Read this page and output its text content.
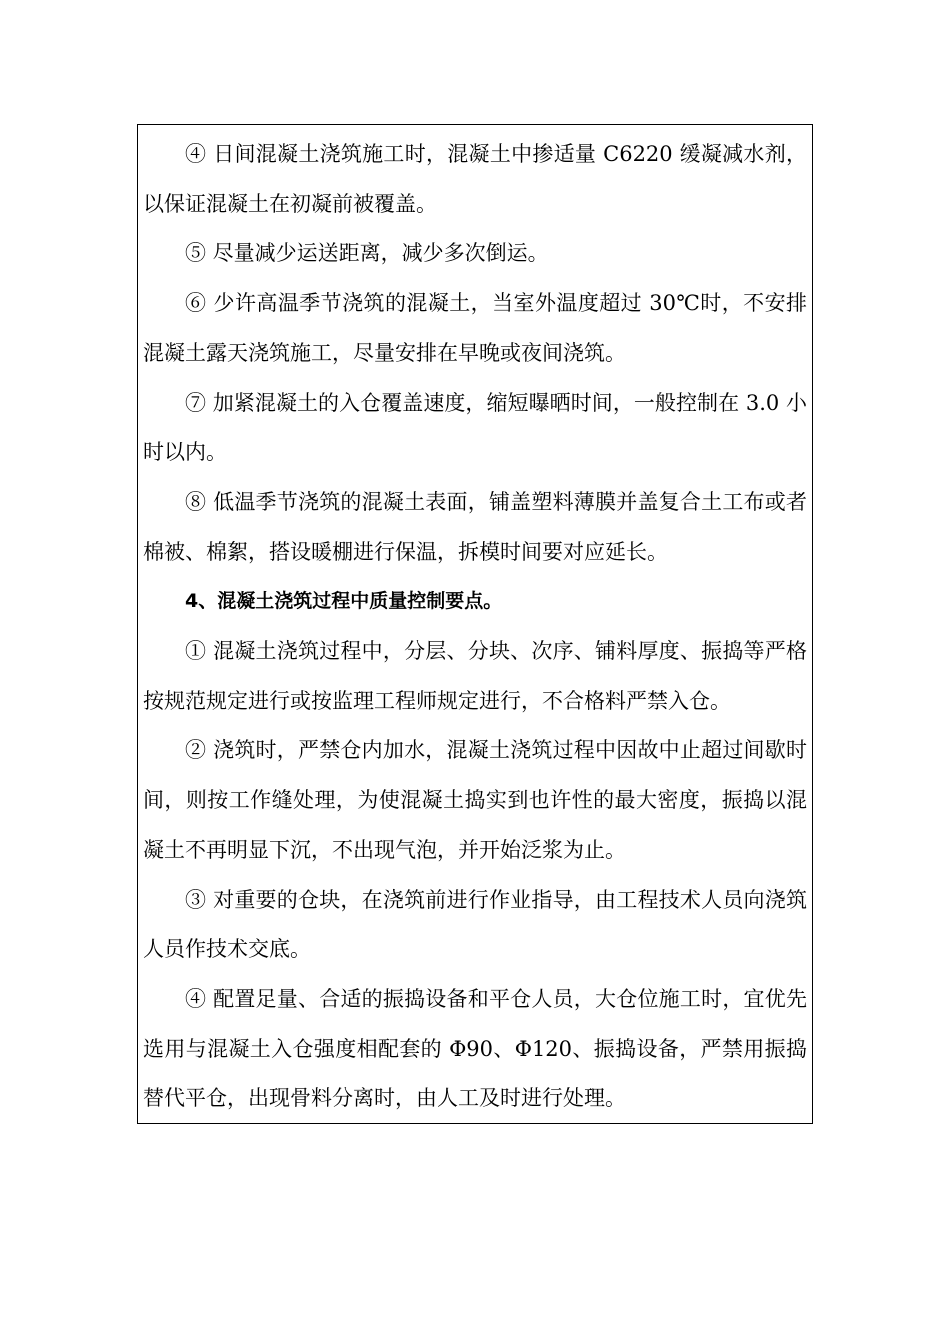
④ 日间混凝土浇筑施工时，混凝土中掺适量 C6220 缓凝减水剂，以保证混凝土在初凝前被覆盖。

⑤ 尽量减少运送距离，减少多次倒运。

⑥ 少许高温季节浇筑的混凝土，当室外温度超过 30℃时，不安排混凝土露天浇筑施工，尽量安排在早晚或夜间浇筑。

⑦ 加紧混凝土的入仓覆盖速度，缩短曝晒时间，一般控制在 3.0 小时以内。

⑧ 低温季节浇筑的混凝土表面，铺盖塑料薄膜并盖复合土工布或者棉被、棉絮，搭设暖棚进行保温，拆模时间要对应延长。

4、混凝土浇筑过程中质量控制要点。

① 混凝土浇筑过程中，分层、分块、次序、铺料厚度、振捣等严格按规范规定进行或按监理工程师规定进行，不合格料严禁入仓。

② 浇筑时，严禁仓内加水，混凝土浇筑过程中因故中止超过间歇时间，则按工作缝处理，为使混凝土捣实到也许性的最大密度，振捣以混凝土不再明显下沉，不出现气泡，并开始泛浆为止。

③ 对重要的仓块，在浇筑前进行作业指导，由工程技术人员向浇筑人员作技术交底。

④ 配置足量、合适的振捣设备和平仓人员，大仓位施工时，宜优先选用与混凝土入仓强度相配套的 Φ90、Φ120、振捣设备，严禁用振捣替代平仓，出现骨料分离时，由人工及时进行处理。
